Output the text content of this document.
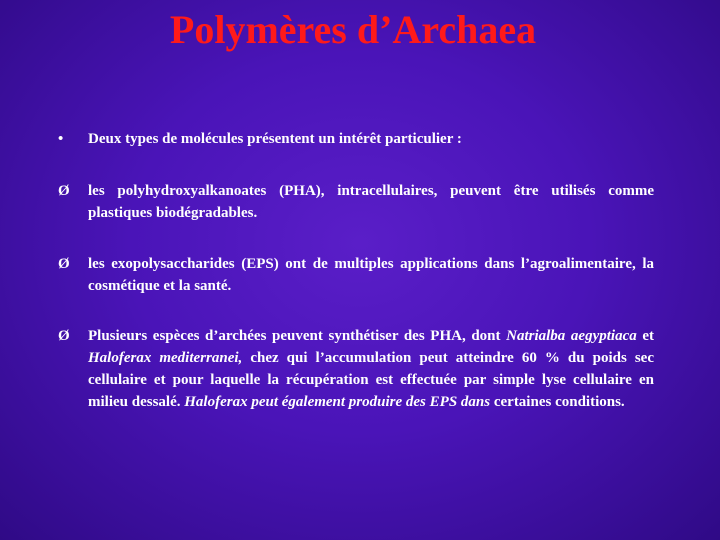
Polymères d’Archaea
• Deux types de molécules présentent un intérêt particulier :
Ø les polyhydroxyalkanoates (PHA), intracellulaires, peuvent être utilisés comme plastiques biodégradables.
Ø les exopolysaccharides (EPS) ont de multiples applications dans l’agroalimentaire, la cosmétique et la santé.
Ø Plusieurs espèces d’archées peuvent synthétiser des PHA, dont Natrialba aegyptiaca et Haloferax mediterranei, chez qui l’accumulation peut atteindre 60 % du poids sec cellulaire et pour laquelle la récupération est effectuée par simple lyse cellulaire en milieu dessalé. Haloferax peut également produire des EPS dans certaines conditions.
